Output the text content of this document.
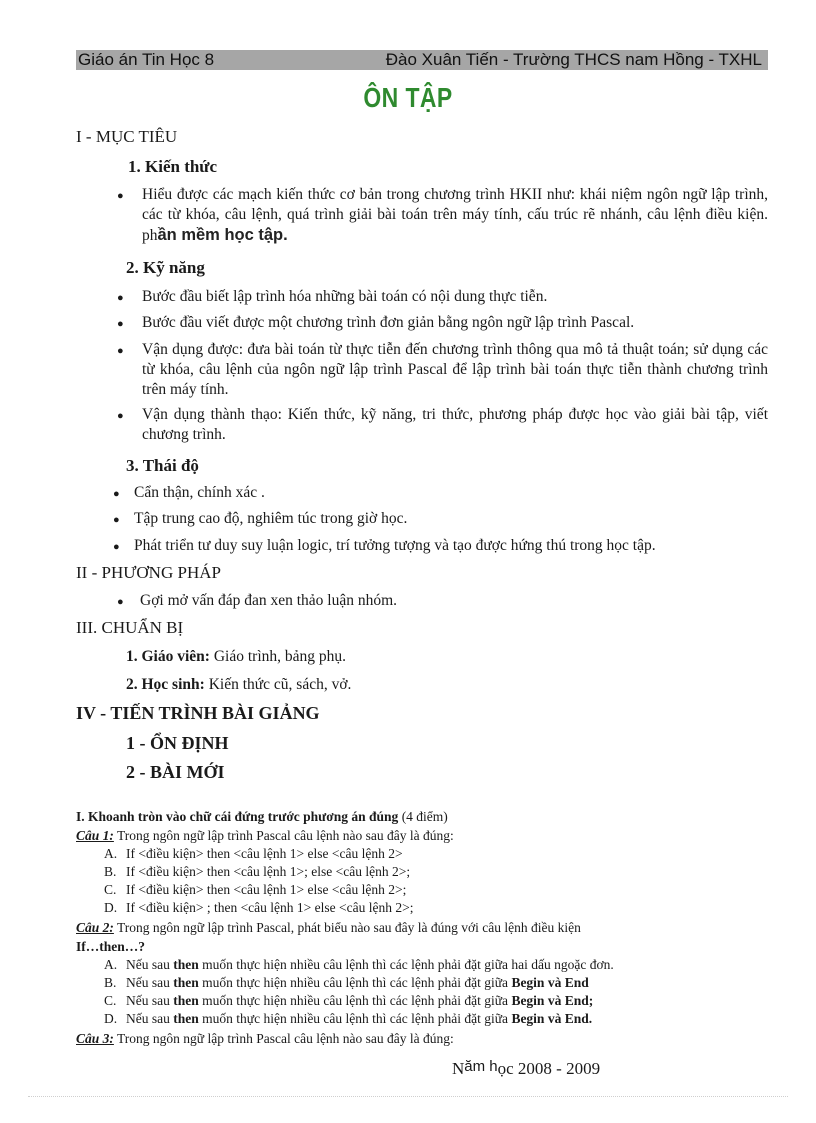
Giáo án Tin Học 8	Đào Xuân Tiến - Trường THCS nam Hồng - TXHL
ÔN TẬP
I - MỤC TIÊU
1. Kiến thức
● Hiểu được các mạch kiến thức cơ bản trong chương trình HKII như: khái niệm ngôn ngữ lập trình, các từ khóa, câu lệnh, quá trình giải bài toán trên máy tính, cấu trúc rẽ nhánh, câu lệnh điều kiện. phần mềm học tập.
2. Kỹ năng
● Bước đầu biết lập trình hóa những bài toán có nội dung thực tiễn.
● Bước đầu viết được một chương trình đơn giản bằng ngôn ngữ lập trình Pascal.
● Vận dụng được: đưa bài toán từ thực tiễn đến chương trình thông qua mô tả thuật toán; sử dụng các từ khóa, câu lệnh của ngôn ngữ lập trình Pascal để lập trình bài toán thực tiễn thành chương trình trên máy tính.
● Vận dụng thành thạo: Kiến thức, kỹ năng, tri thức, phương pháp được học vào giải bài tập, viết chương trình.
3. Thái độ
● Cẩn thận, chính xác .
● Tập trung cao độ, nghiêm túc trong giờ học.
● Phát triển tư duy suy luận logic, trí tưởng tượng và tạo được hứng thú trong học tập.
II - PHƯƠNG PHÁP
● Gợi mở vấn đáp đan xen thảo luận nhóm.
III. CHUẨN BỊ
1. Giáo viên: Giáo trình, bảng phụ.
2. Học sinh: Kiến thức cũ, sách, vở.
IV - TIẾN TRÌNH BÀI GIẢNG
1 - ỔN ĐỊNH
2 - BÀI MỚI
I. Khoanh tròn vào chữ cái đứng trước phương án đúng (4 điểm)
Câu 1: Trong ngôn ngữ lập trình Pascal câu lệnh nào sau đây là đúng:
A. If <điều kiện> then <câu lệnh 1> else <câu lệnh 2>
B. If <điều kiện> then <câu lệnh 1>; else <câu lệnh 2>;
C. If <điều kiện> then <câu lệnh 1> else <câu lệnh 2>;
D. If <điều kiện> ; then <câu lệnh 1> else <câu lệnh 2>;
Câu 2: Trong ngôn ngữ lập trình Pascal, phát biểu nào sau đây là đúng với câu lệnh điều kiện
If…then…?
A. Nếu sau then muốn thực hiện nhiều câu lệnh thì các lệnh phải đặt giữa hai dấu ngoặc đơn.
B. Nếu sau then muốn thực hiện nhiều câu lệnh thì các lệnh phải đặt giữa Begin và End
C. Nếu sau then muốn thực hiện nhiều câu lệnh thì các lệnh phải đặt giữa Begin và End;
D. Nếu sau then muốn thực hiện nhiều câu lệnh thì các lệnh phải đặt giữa Begin và End.
Câu 3: Trong ngôn ngữ lập trình Pascal câu lệnh nào sau đây là đúng:
Năm học 2008 - 2009
